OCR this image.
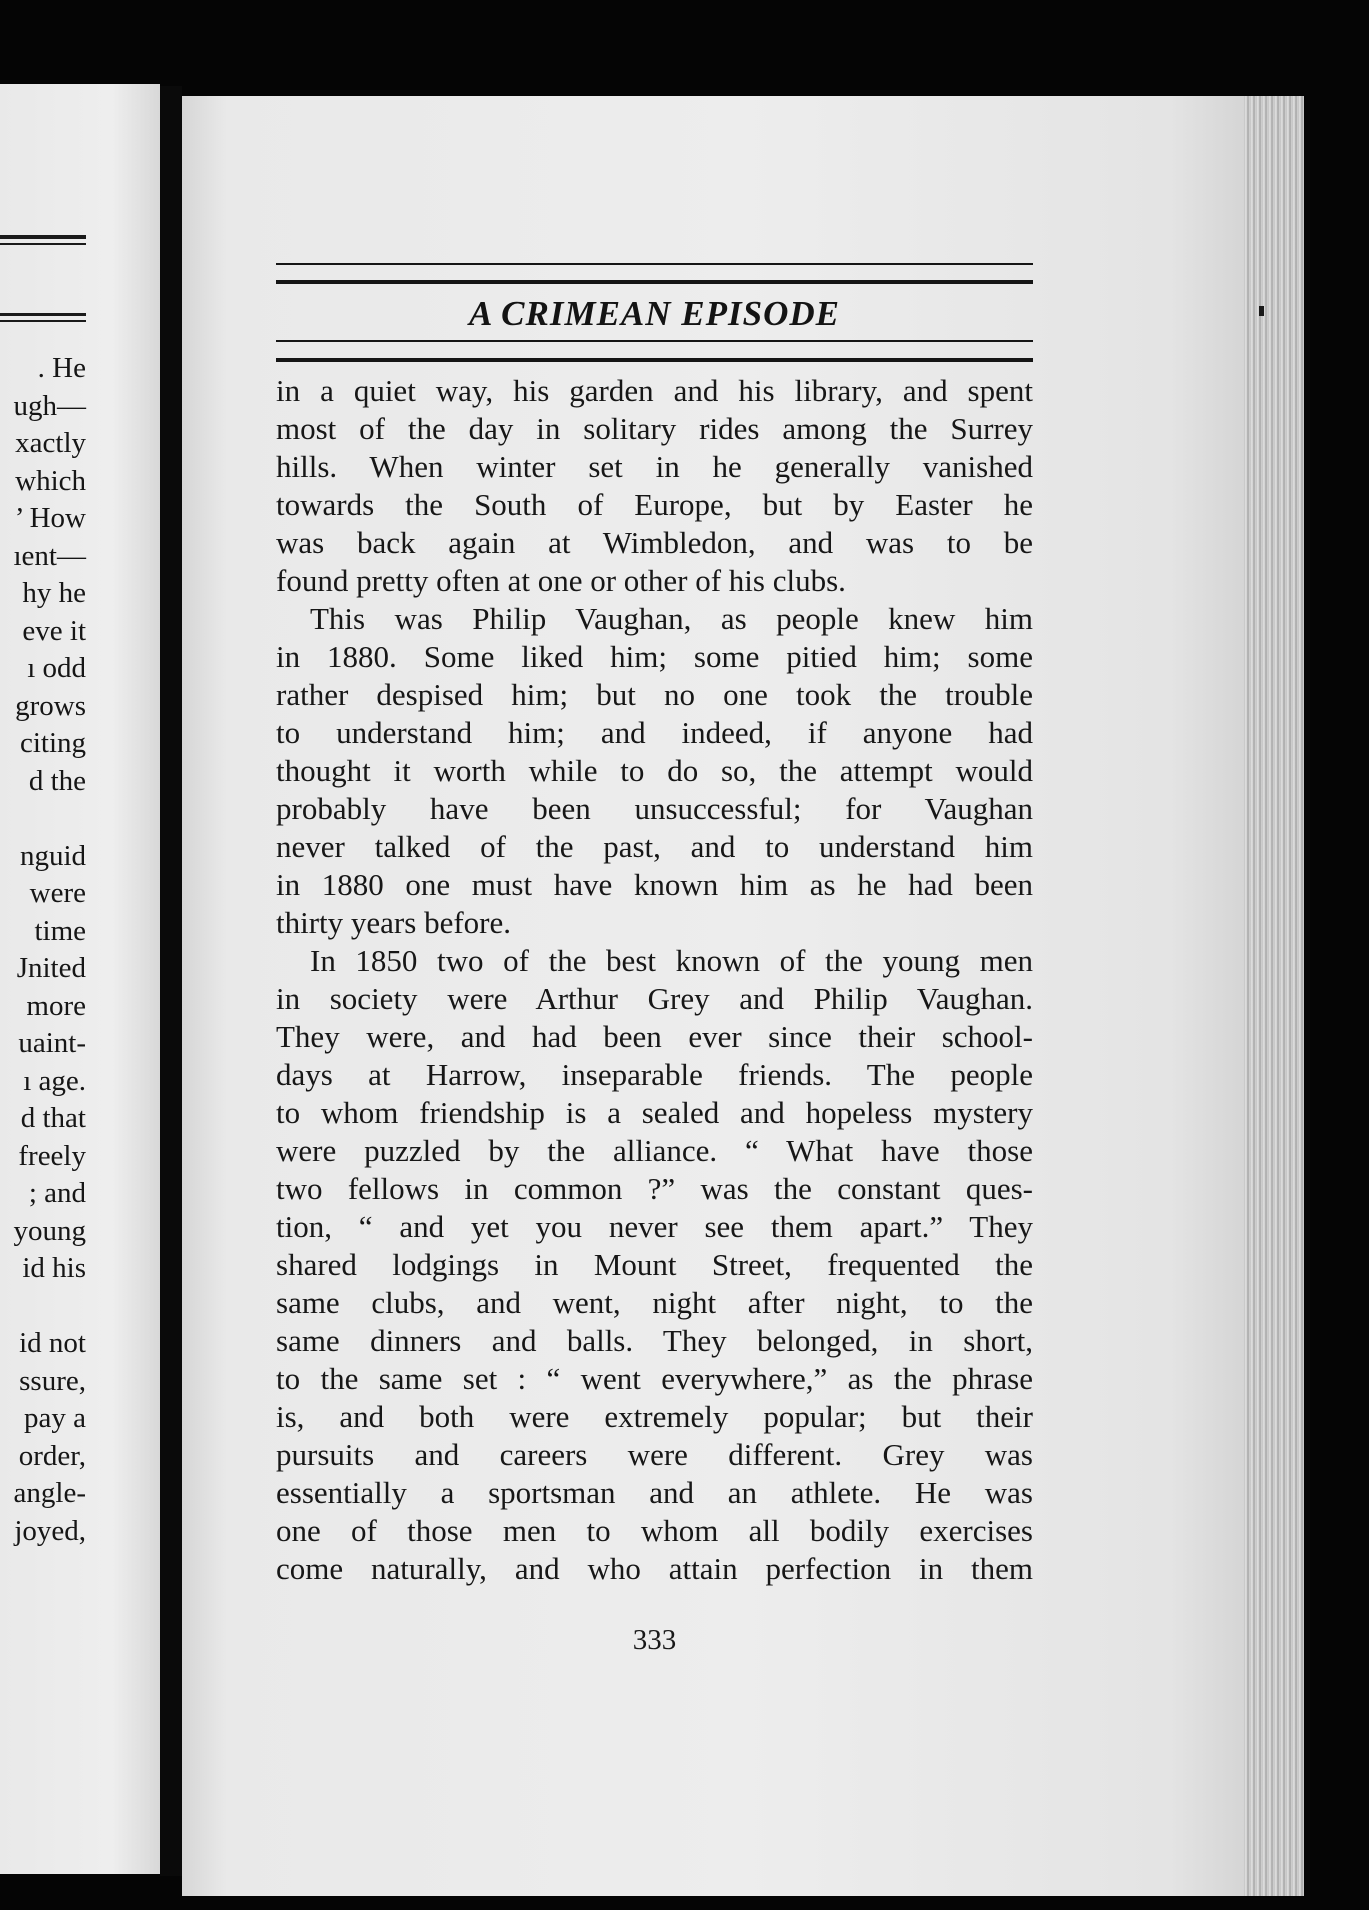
. He
ugh—
xactly
which
’ How
ıent—
hy he
eve it
ı odd
grows
citing
d the
nguid
were
time
Jnited
more
uaint-
ı age.
d that
freely
; and
young
id his
id not
ssure,
pay a
order,
angle-
joyed,
A CRIMEAN EPISODE
in a quiet way, his garden and his library, and spent
most of the day in solitary rides among the Surrey
hills. When winter set in he generally vanished
towards the South of Europe, but by Easter he
was back again at Wimbledon, and was to be
found pretty often at one or other of his clubs.
This was Philip Vaughan, as people knew him
in 1880. Some liked him; some pitied him; some
rather despised him; but no one took the trouble
to understand him; and indeed, if anyone had
thought it worth while to do so, the attempt would
probably have been unsuccessful; for Vaughan
never talked of the past, and to understand him
in 1880 one must have known him as he had been
thirty years before.
In 1850 two of the best known of the young men
in society were Arthur Grey and Philip Vaughan.
They were, and had been ever since their school-
days at Harrow, inseparable friends. The people
to whom friendship is a sealed and hopeless mystery
were puzzled by the alliance. “ What have those
two fellows in common ?” was the constant ques-
tion, “ and yet you never see them apart.” They
shared lodgings in Mount Street, frequented the
same clubs, and went, night after night, to the
same dinners and balls. They belonged, in short,
to the same set : “ went everywhere,” as the phrase
is, and both were extremely popular; but their
pursuits and careers were different. Grey was
essentially a sportsman and an athlete. He was
one of those men to whom all bodily exercises
come naturally, and who attain perfection in them
333
